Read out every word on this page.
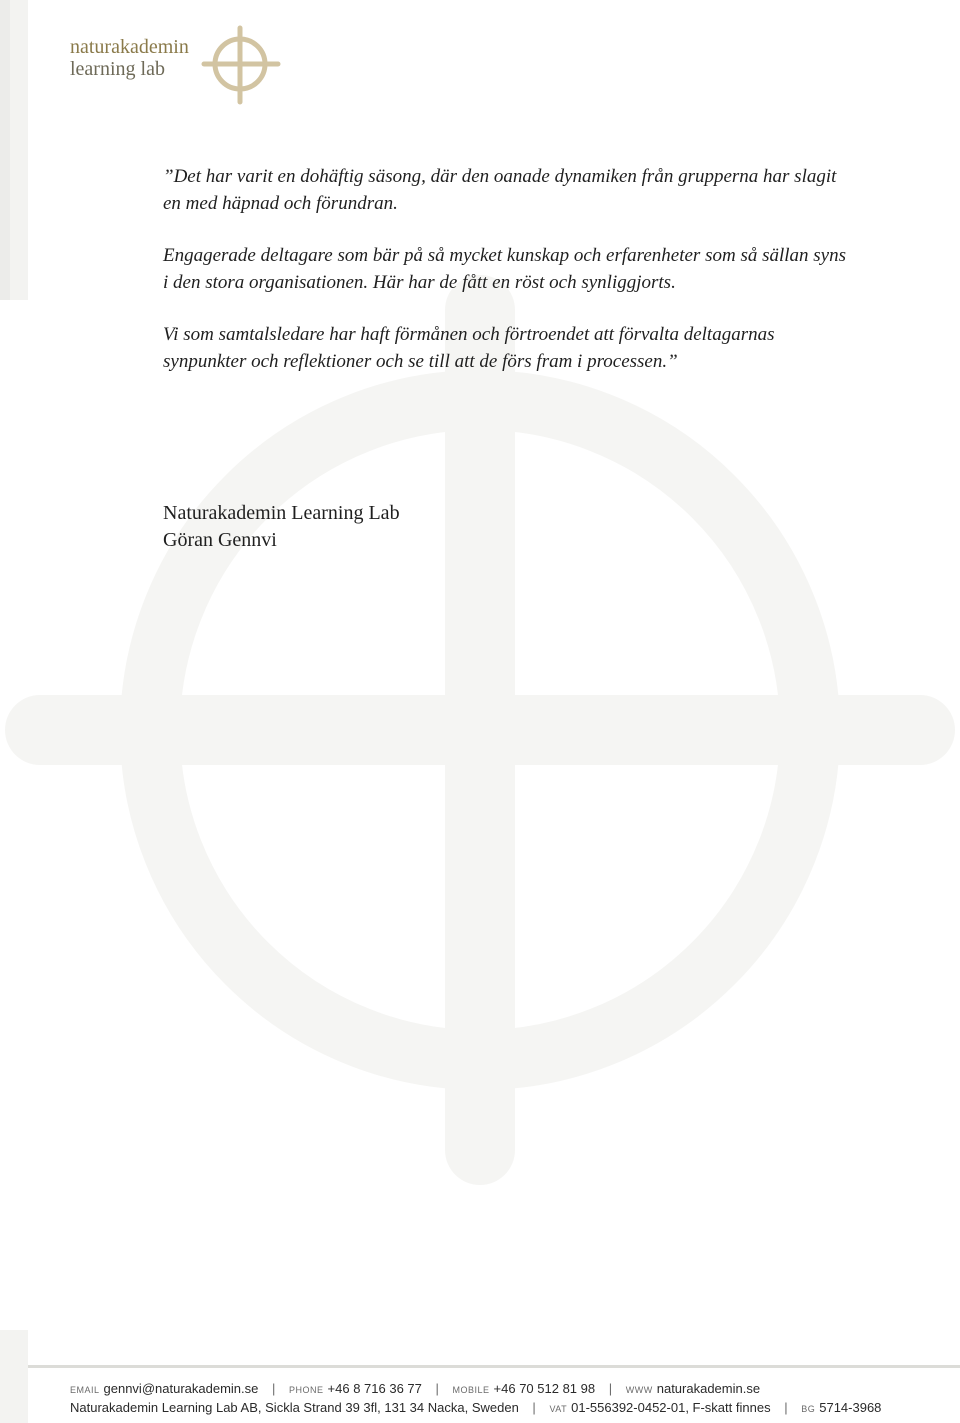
naturakademin
learning lab

”Det har varit en dohäftig säsong, där den oanade dynamiken från grupperna har slagit en med häpnad och förundran.

Engagerade deltagare som bär på så mycket kunskap och erfarenheter som så sällan syns i den stora organisationen. Här har de fått en röst och synliggjorts.

Vi som samtalsledare har haft förmånen och förtroendet att förvalta deltagarnas synpunkter och reflektioner och se till att de förs fram i processen.”

Naturakademin Learning Lab
Göran Gennvi
EMAIL gennvi@naturakademin.se | PHONE +46 8 716 36 77 | MOBILE +46 70 512 81 98 | WWW naturakademin.se
Naturakademin Learning Lab AB, Sickla Strand 39 3fl, 131 34 Nacka, Sweden | VAT 01-556392-0452-01, F-skatt finnes | BG 5714-3968
